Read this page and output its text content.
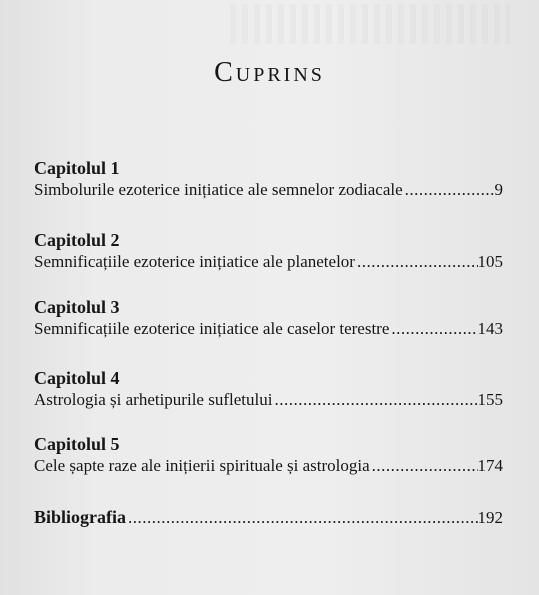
Cuprins
Capitolul 1
Simbolurile ezoterice inițiatice ale semnelor zodiacale .....	9
Capitolul 2
Semnificațiile ezoterice inițiatice ale planetelor .....	105
Capitolul 3
Semnificațiile ezoterice inițiatice ale caselor terestre .....	143
Capitolul 4
Astrologia și arhetipurile sufletului .....	155
Capitolul 5
Cele șapte raze ale inițierii spirituale și astrologia .....	174
Bibliografia .....	192
